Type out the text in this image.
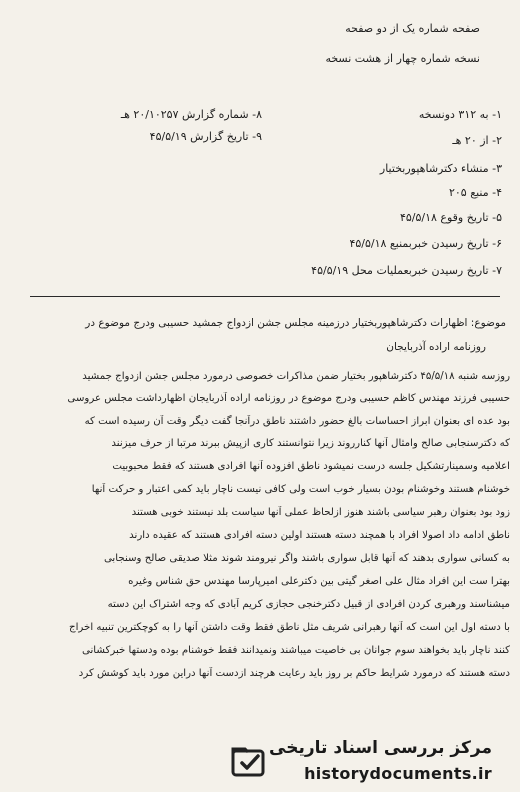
صفحه شماره یک از دو صفحه
نسخه شماره چهار از هشت نسخه
۱- به ۳۱۲ دونسخه
۲- از ۲۰ هـ
۳- منشاء دکترشاهپوربختیار
۴- منبع ۲۰۵
۵- تاریخ وقوع ۴۵/۵/۱۸
۶- تاریخ رسیدن خبربمنبع ۴۵/۵/۱۸
۷- تاریخ رسیدن خبربعملیات محل ۴۵/۵/۱۹
۸- شماره گزارش ۲۰/۱۰۲۵۷ هـ
۹- تاریخ گزارش ۴۵/۵/۱۹
موضوع: اظهارات دکترشاهپوربختیار درزمینه مجلس جشن ازدواج جمشید حسیبی ودرج موضوع در
روزنامه اراده آذربایجان
روزسه شنبه ۴۵/۵/۱۸ دکترشاهپور بختیار ضمن مذاکرات خصوصی درمورد مجلس جشن ازدواج جمشید
حسیبی فرزند مهندس کاظم حسیبی ودرج موضوع در روزنامه اراده آذربایجان اظهارداشت مجلس عروسی
بود عده ای بعنوان ابراز احساسات بالغ حضور داشتند ناطق درآنجا گفت دیگر وقت آن رسیده است که
که دکترسنجابی صالح وامثال آنها کنارروند زیرا نتوانستند کاری ازپیش ببرند مرتبا از حرف میزنند
اعلامیه وسمینارتشکیل جلسه درست نمیشود ناطق افزوده آنها افرادی هستند که فقط محبوبیت
خوشنام هستند وخوشنام بودن بسیار خوب است ولی کافی نیست ناچار باید کمی اعتبار و حرکت آنها
زود بود بعنوان رهبر سیاسی باشند هنوز ازلحاظ عملی آنها سیاست بلد نیستند خوبی هستند
ناطق ادامه داد اصولا افراد با همچند دسته هستند اولین دسته افرادی هستند که عقیده دارند
به کسانی سواری بدهند که آنها قابل سواری باشند واگر نیرومند شوند مثلا صدیقی صالح وسنجابی
بهترا ست این افراد مثال علی اصغر گیتی بین دکترعلی امیرپارسا مهندس حق شناس وغیره
میشناسند ورهبری کردن افرادی از قبیل دکترخنجی حجازی کریم آبادی که وجه اشتراک این دسته
با دسته اول این است که آنها رهبرانی شریف مثل ناطق فقط وقت داشتن آنها را به کوچکترین تنبیه اخراج
کنند ناچار باید بخواهند سوم جوانان بی خاصیت میباشند ونمیدانند فقط خوشنام بوده ودستها خبرکشانی
دسته هستند که درمورد شرایط حاکم بر روز باید رعایت هرچند ازدست آنها دراین مورد باید کوشش کرد
مرکز بررسی اسناد تاریخی
historydocuments.ir
